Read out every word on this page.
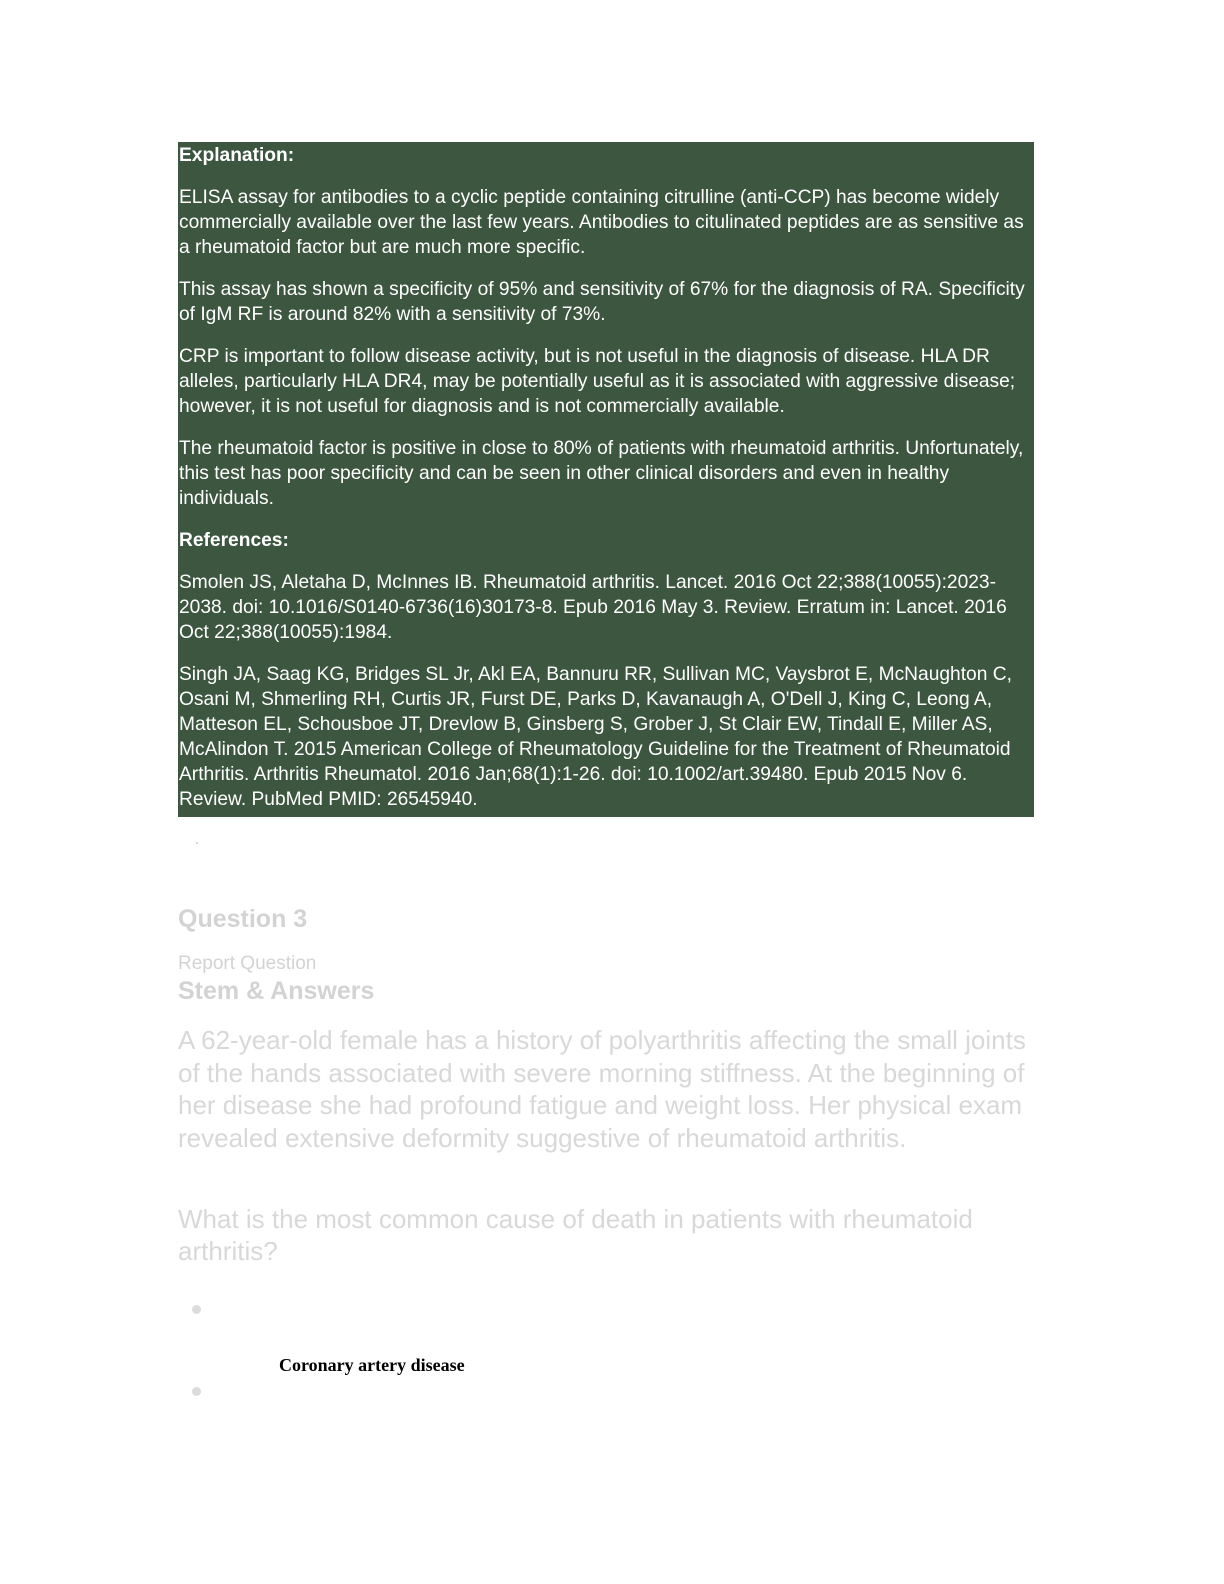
Explanation:

ELISA assay for antibodies to a cyclic peptide containing citrulline (anti-CCP) has become widely commercially available over the last few years. Antibodies to citulinated peptides are as sensitive as a rheumatoid factor but are much more specific.

This assay has shown a specificity of 95% and sensitivity of 67% for the diagnosis of RA. Specificity of IgM RF is around 82% with a sensitivity of 73%.

CRP is important to follow disease activity, but is not useful in the diagnosis of disease. HLA DR alleles, particularly HLA DR4, may be potentially useful as it is associated with aggressive disease; however, it is not useful for diagnosis and is not commercially available.

The rheumatoid factor is positive in close to 80% of patients with rheumatoid arthritis. Unfortunately, this test has poor specificity and can be seen in other clinical disorders and even in healthy individuals.

References:

Smolen JS, Aletaha D, McInnes IB. Rheumatoid arthritis. Lancet. 2016 Oct 22;388(10055):2023-2038. doi: 10.1016/S0140-6736(16)30173-8. Epub 2016 May 3. Review. Erratum in: Lancet. 2016 Oct 22;388(10055):1984.

Singh JA, Saag KG, Bridges SL Jr, Akl EA, Bannuru RR, Sullivan MC, Vaysbrot E, McNaughton C, Osani M, Shmerling RH, Curtis JR, Furst DE, Parks D, Kavanaugh A, O'Dell J, King C, Leong A, Matteson EL, Schousboe JT, Drevlow B, Ginsberg S, Grober J, St Clair EW, Tindall E, Miller AS, McAlindon T. 2015 American College of Rheumatology Guideline for the Treatment of Rheumatoid Arthritis. Arthritis Rheumatol. 2016 Jan;68(1):1-26. doi: 10.1002/art.39480. Epub 2015 Nov 6. Review. PubMed PMID: 26545940.

Question 3
Report Question
Stem & Answers

A 62-year-old female has a history of polyarthritis affecting the small joints of the hands associated with severe morning stiffness. At the beginning of her disease she had profound fatigue and weight loss. Her physical exam revealed extensive deformity suggestive of rheumatoid arthritis.

What is the most common cause of death in patients with rheumatoid arthritis?

Coronary artery disease
